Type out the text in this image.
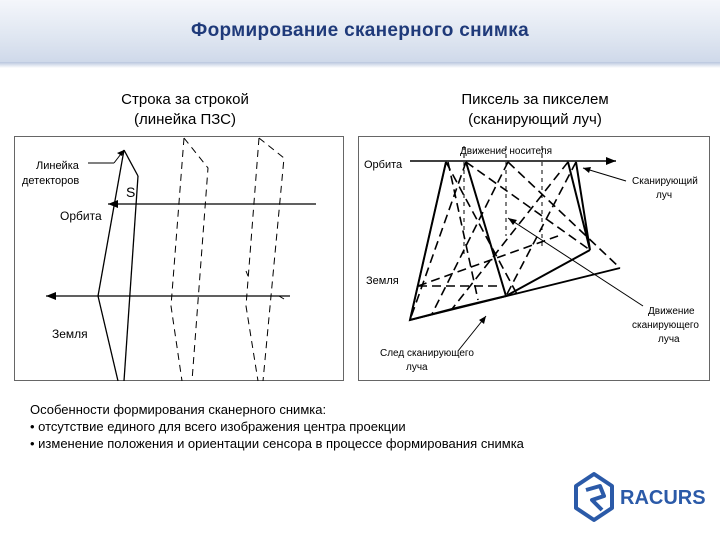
Формирование сканерного снимка
Строка за строкой
(линейка ПЗС)
Пиксель за пикселем
(сканирующий луч)
Линейка
детекторов
S
Орбита
Земля
Движение носителя
Орбита
Сканирующий
луч
Земля
Движение
сканирующего
луча
След сканирующего
луча
Особенности формирования сканерного снимка:
• отсутствие единого для всего изображения центра проекции
• изменение положения и ориентации сенсора в процессе формирования снимка
RACURS
